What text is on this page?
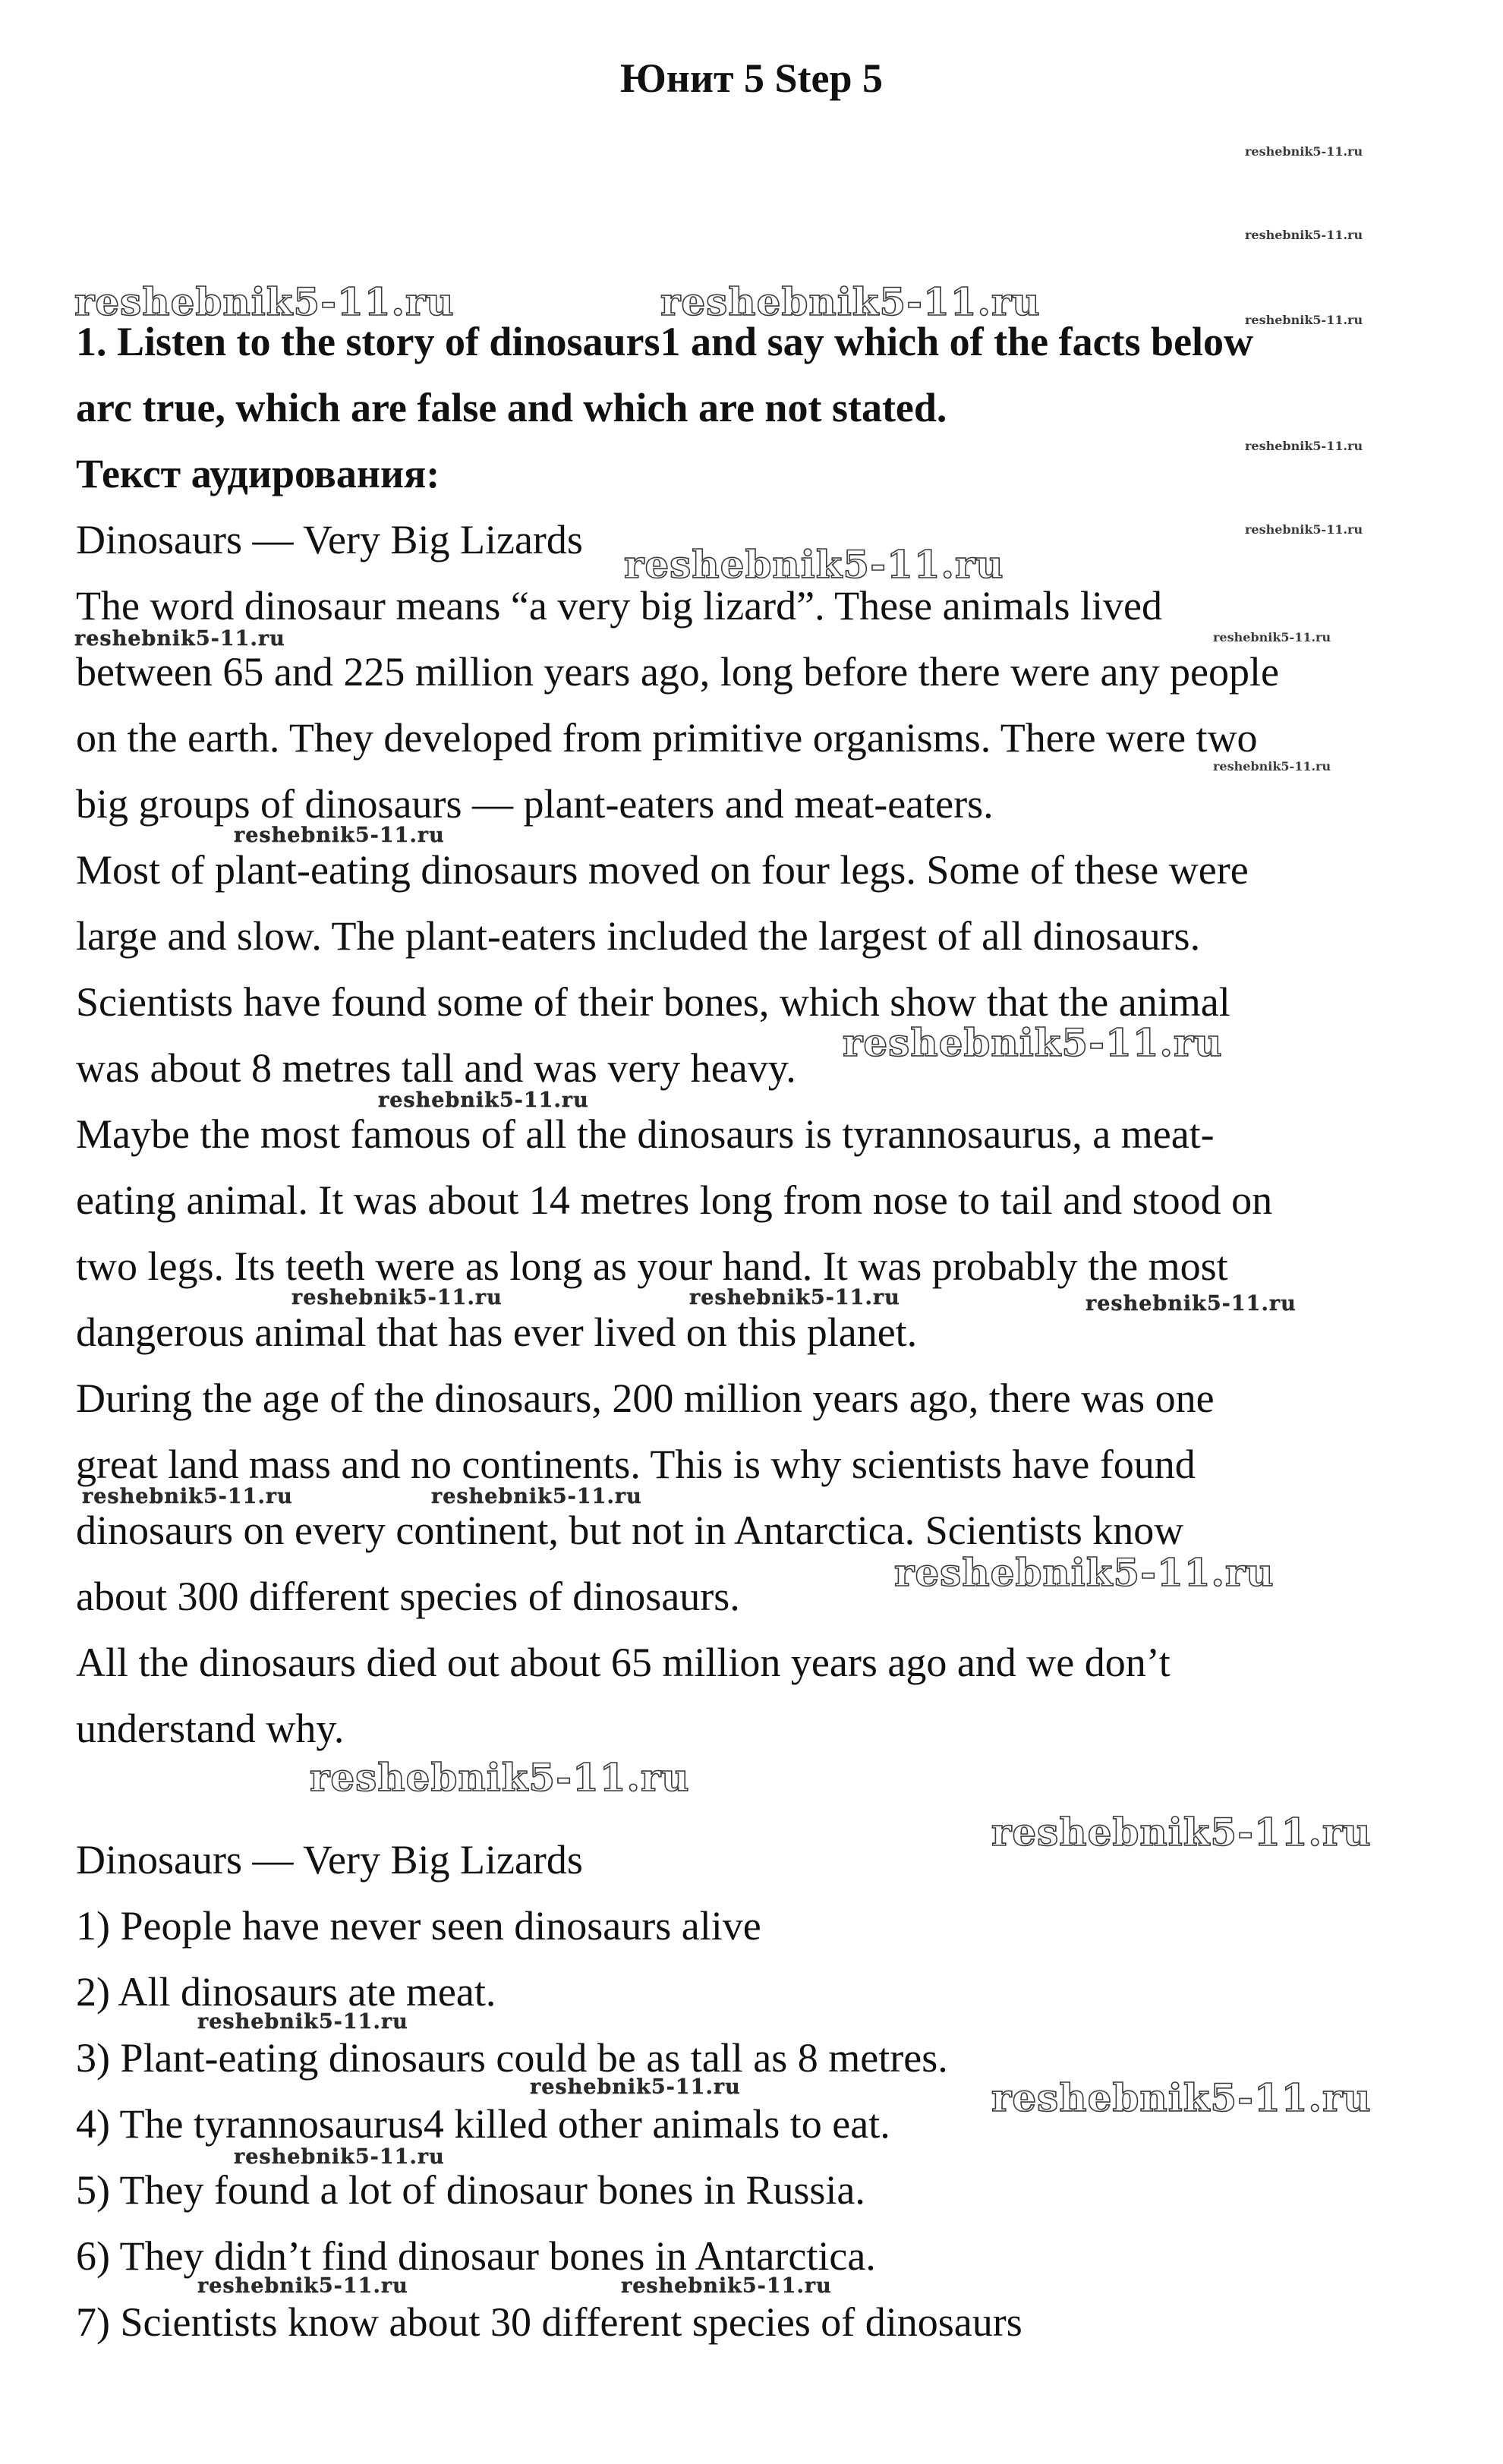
Юнит 5 Step 5
1. Listen to the story of dinosaurs1 and say which of the facts below
arc true, which are false and which are not stated.
Текст аудирования:
Dinosaurs — Very Big Lizards
The word dinosaur means “a very big lizard”. These animals lived
between 65 and 225 million years ago, long before there were any people
on the earth. They developed from primitive organisms. There were two
big groups of dinosaurs — plant-eaters and meat-eaters.
Most of plant-eating dinosaurs moved on four legs. Some of these were
large and slow. The plant-eaters included the largest of all dinosaurs.
Scientists have found some of their bones, which show that the animal
was about 8 metres tall and was very heavy.
Maybe the most famous of all the dinosaurs is tyrannosaurus, a meat-
eating animal. It was about 14 metres long from nose to tail and stood on
two legs. Its teeth were as long as your hand. It was probably the most
dangerous animal that has ever lived on this planet.
During the age of the dinosaurs, 200 million years ago, there was one
great land mass and no continents. This is why scientists have found
dinosaurs on every continent, but not in Antarctica. Scientists know
about 300 different species of dinosaurs.
All the dinosaurs died out about 65 million years ago and we don’t
understand why.
Dinosaurs — Very Big Lizards
1) People have never seen dinosaurs alive
2) All dinosaurs ate meat.
3) Plant-eating dinosaurs could be as tall as 8 metres.
4) The tyrannosaurus4 killed other animals to eat.
5) They found a lot of dinosaur bones in Russia.
6) They didn’t find dinosaur bones in Antarctica.
7) Scientists know about 30 different species of dinosaurs
reshebnik5-11.ru
reshebnik5-11.ru
reshebnik5-11.ru	reshebnik5-11.ru	reshebnik5-11.ru
reshebnik5-11.ru
reshebnik5-11.ru
reshebnik5-11.ru
reshebnik5-11.ru	reshebnik5-11.ru
reshebnik5-11.ru
reshebnik5-11.ru
reshebnik5-11.ru
reshebnik5-11.ru
reshebnik5-11.ru	reshebnik5-11.ru	reshebnik5-11.ru
reshebnik5-11.ru	reshebnik5-11.ru
reshebnik5-11.ru
reshebnik5-11.ru
reshebnik5-11.ru
reshebnik5-11.ru
reshebnik5-11.ru	reshebnik5-11.ru
reshebnik5-11.ru
reshebnik5-11.ru	reshebnik5-11.ru
